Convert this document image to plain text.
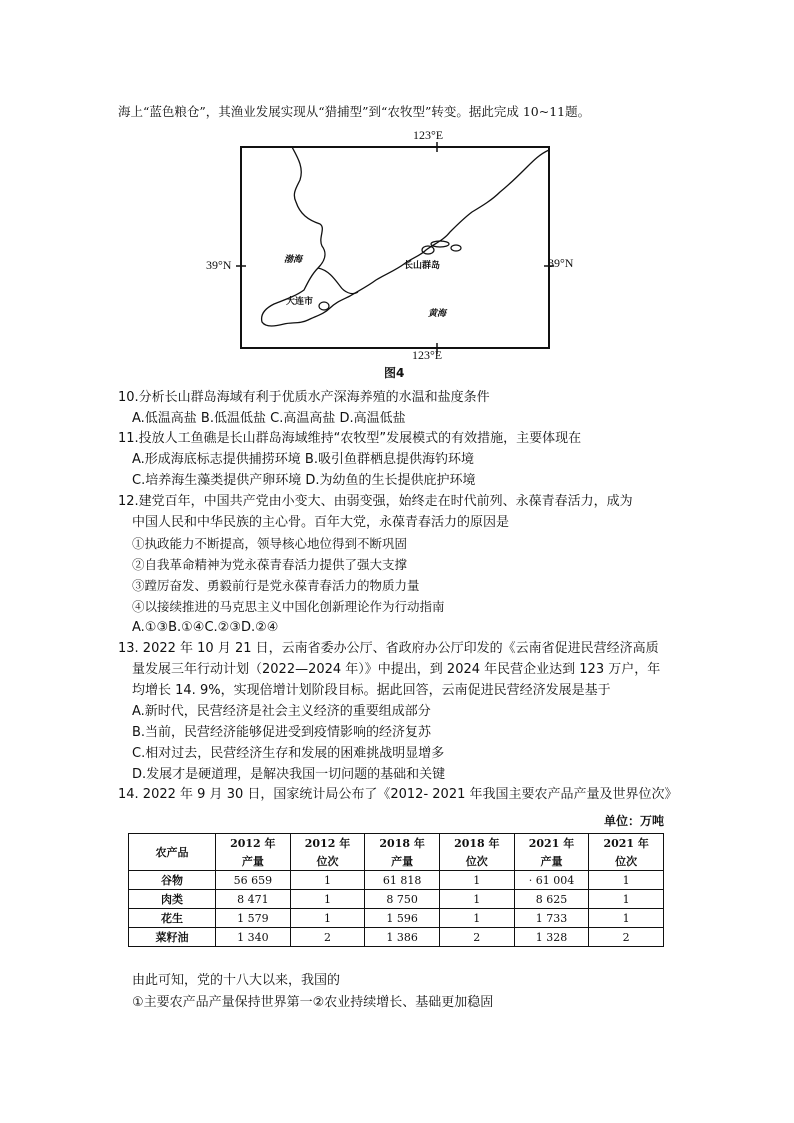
海上“蓝色粮仓”，其渔业发展实现从“猎捕型”到“农牧型”转变。据此完成 10~11题。
123°E
123°E
39°N	39°N
渤海
大连市
长山群岛
黄海
图4
10.分析长山群岛海域有利于优质水产深海养殖的水温和盐度条件
A.低温高盐 B.低温低盐 C.高温高盐 D.高温低盐
11.投放人工鱼礁是长山群岛海域维持“农牧型”发展模式的有效措施，主要体现在
A.形成海底标志提供捕捞环境 B.吸引鱼群栖息提供海钓环境
C.培养海生藻类提供产卵环境 D.为幼鱼的生长提供庇护环境
12.建党百年，中国共产党由小变大、由弱变强，始终走在时代前列、永葆青春活力，成为
中国人民和中华民族的主心骨。百年大党，永葆青春活力的原因是
①执政能力不断提高，领导核心地位得到不断巩固
②自我革命精神为党永葆青春活力提供了强大支撑
③蹚厉奋发、勇毅前行是党永葆青春活力的物质力量
④以接续推进的马克思主义中国化创新理论作为行动指南
A.①③B.①④C.②③D.②④
13. 2022 年 10 月 21 日，云南省委办公厅、省政府办公厅印发的《云南省促进民营经济高质
量发展三年行动计划（2022—2024 年）》中提出，到 2024 年民营企业达到 123 万户，年
均增长 14. 9%，实现倍增计划阶段目标。据此回答，云南促进民营经济发展是基于
A.新时代，民营经济是社会主义经济的重要组成部分
B.当前，民营经济能够促进受到疫情影响的经济复苏
C.相对过去，民营经济生存和发展的困难挑战明显增多
D.发展才是硬道理，是解决我国一切问题的基础和关键
14. 2022 年 9 月 30 日，国家统计局公布了《2012- 2021 年我国主要农产品产量及世界位次》
单位：万吨
农产品	2012 年	2012 年	2018 年	2018 年	2021 年	2021 年
	产量	位次	产量	位次	产量	位次
谷物	56 659	1	61 818	1	· 61 004	1
肉类	8 471	1	8 750	1	8 625	1
花生	1 579	1	1 596	1	1 733	1
菜籽油	1 340	2	1 386	2	1 328	2
由此可知，党的十八大以来，我国的
①主要农产品产量保持世界第一②农业持续增长、基础更加稳固
